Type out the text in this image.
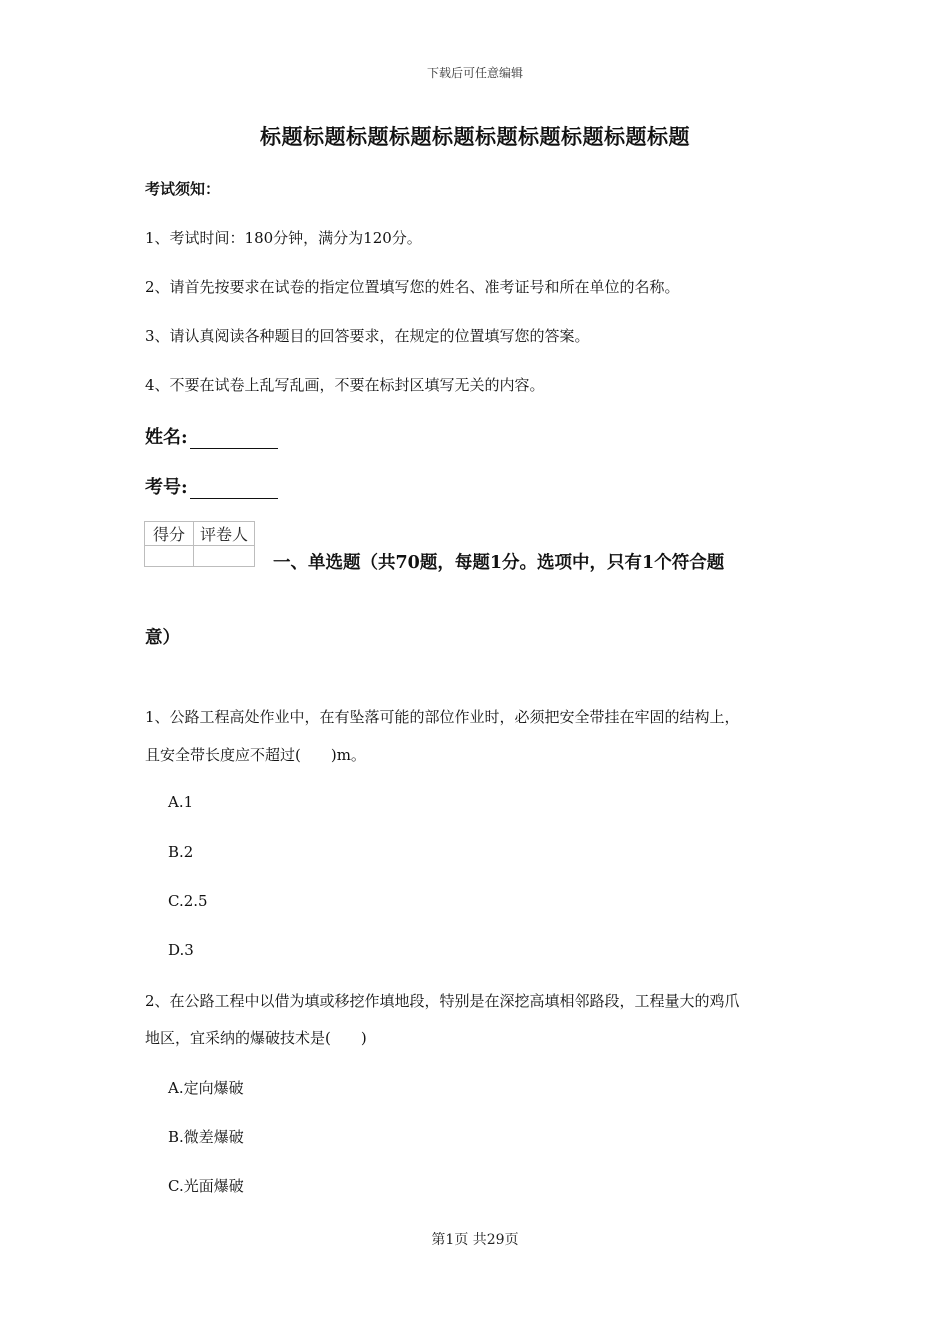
下载后可任意编辑
标题标题标题标题标题标题标题标题标题标题
考试须知：
1、考试时间：180分钟，满分为120分。
2、请首先按要求在试卷的指定位置填写您的姓名、准考证号和所在单位的名称。
3、请认真阅读各种题目的回答要求，在规定的位置填写您的答案。
4、不要在试卷上乱写乱画，不要在标封区填写无关的内容。
姓名:
考号:
得分	评卷人

一、单选题（共70题，每题1分。选项中，只有1个符合题
意）
1、公路工程高处作业中，在有坠落可能的部位作业时，必须把安全带挂在牢固的结构上，
且安全带长度应不超过(　　)m。
A.1
B.2
C.2.5
D.3
2、在公路工程中以借为填或移挖作填地段，特别是在深挖高填相邻路段，工程量大的鸡爪
地区，宜采纳的爆破技术是(　　)
A.定向爆破
B.微差爆破
C.光面爆破
第1页 共29页
